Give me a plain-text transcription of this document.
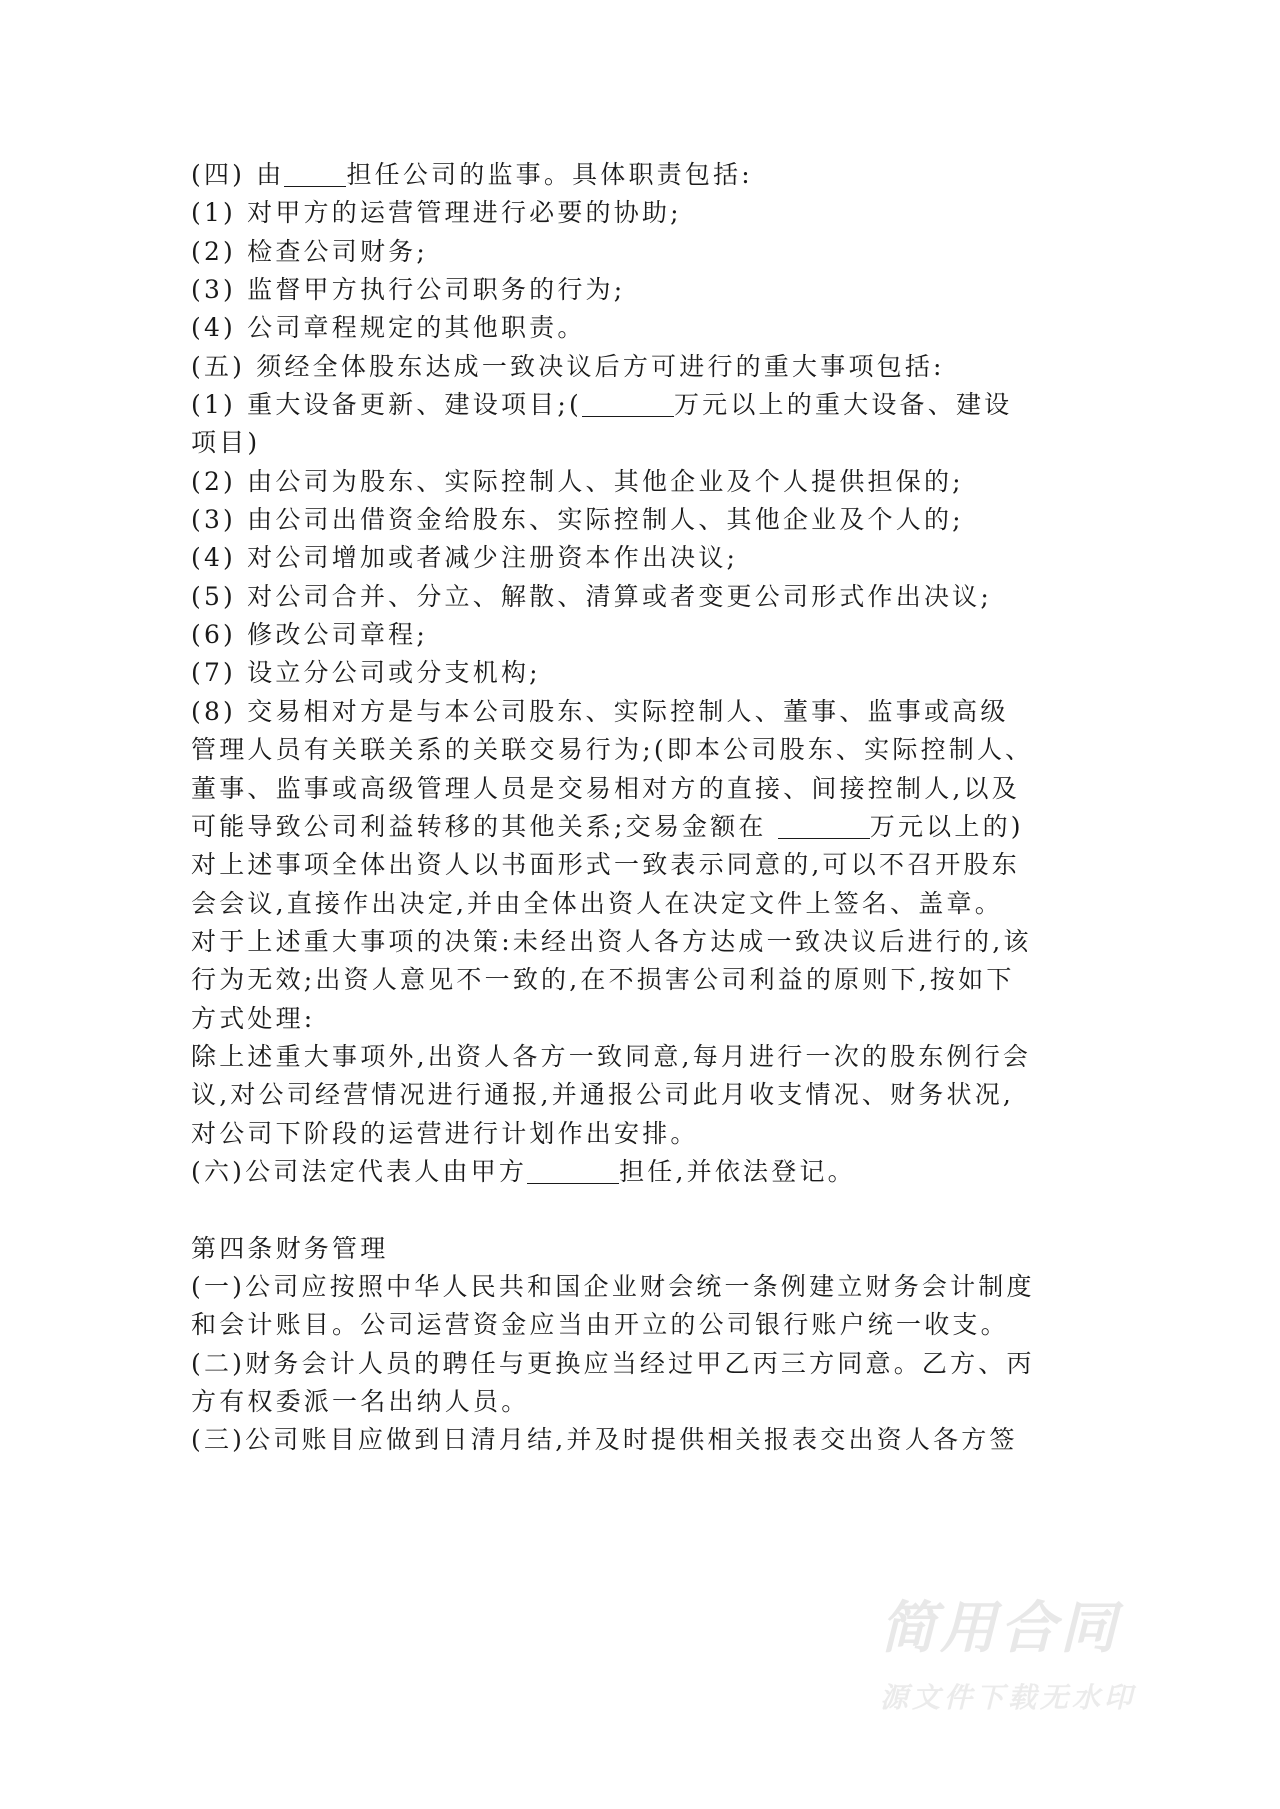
(四) 由 担任公司的监事。具体职责包括:
(1) 对甲方的运营管理进行必要的协助;
(2) 检查公司财务;
(3) 监督甲方执行公司职务的行为;
(4) 公司章程规定的其他职责。
(五) 须经全体股东达成一致决议后方可进行的重大事项包括:
(1) 重大设备更新、建设项目;(	万元以上的重大设备、建设
项目)
(2) 由公司为股东、实际控制人、其他企业及个人提供担保的;
(3) 由公司出借资金给股东、实际控制人、其他企业及个人的;
(4) 对公司增加或者减少注册资本作出决议;
(5) 对公司合并、分立、解散、清算或者变更公司形式作出决议;
(6) 修改公司章程;
(7) 设立分公司或分支机构;
(8) 交易相对方是与本公司股东、实际控制人、董事、监事或高级
管理人员有关联关系的关联交易行为;(即本公司股东、实际控制人、
董事、监事或高级管理人员是交易相对方的直接、间接控制人,以及
可能导致公司利益转移的其他关系;交易金额在	万元以上的)
对上述事项全体出资人以书面形式一致表示同意的,可以不召开股东
会会议,直接作出决定,并由全体出资人在决定文件上签名、盖章。
对于上述重大事项的决策:未经出资人各方达成一致决议后进行的,该
行为无效;出资人意见不一致的,在不损害公司利益的原则下,按如下
方式处理:
除上述重大事项外,出资人各方一致同意,每月进行一次的股东例行会
议,对公司经营情况进行通报,并通报公司此月收支情况、财务状况,
对公司下阶段的运营进行计划作出安排。
(六)公司法定代表人由甲方	担任,并依法登记。
第四条财务管理
(一)公司应按照中华人民共和国企业财会统一条例建立财务会计制度
和会计账目。公司运营资金应当由开立的公司银行账户统一收支。
(二)财务会计人员的聘任与更换应当经过甲乙丙三方同意。乙方、丙
方有权委派一名出纳人员。
(三)公司账目应做到日清月结,并及时提供相关报表交出资人各方签
简用合同
源文件下载无水印
